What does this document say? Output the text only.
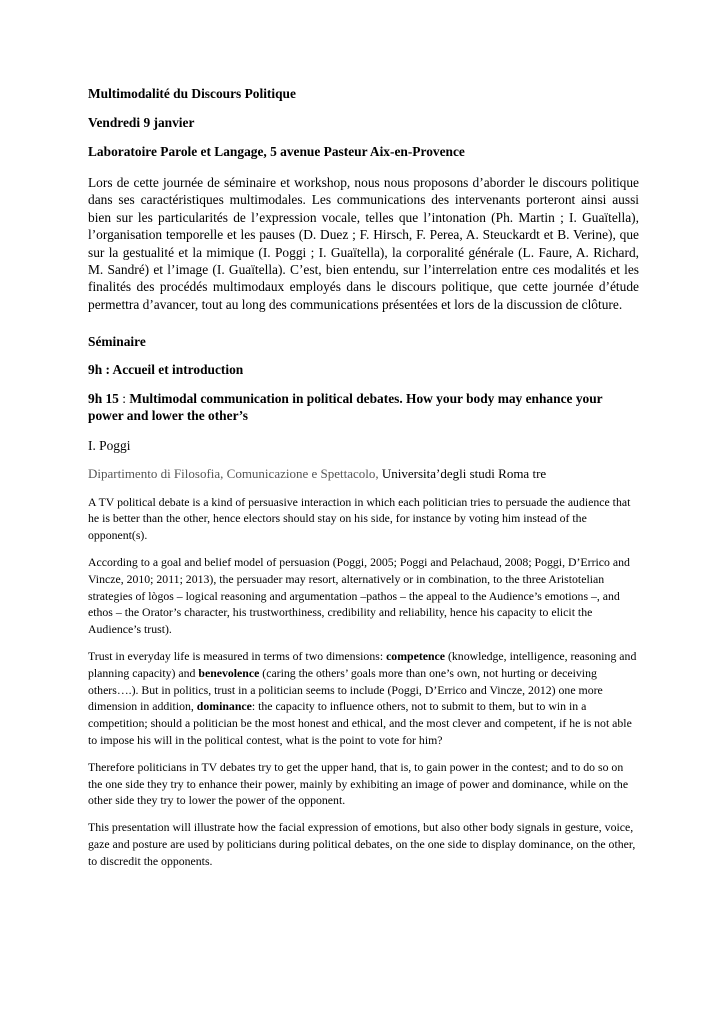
Multimodalité du Discours Politique

Vendredi 9 janvier

Laboratoire Parole et Langage, 5 avenue Pasteur Aix-en-Provence

Lors de cette journée de séminaire et workshop, nous nous proposons d’aborder le discours politique dans ses caractéristiques multimodales. Les communications des intervenants porteront ainsi aussi bien sur les particularités de l’expression vocale, telles que l’intonation (Ph. Martin ; I. Guaïtella), l’organisation temporelle et les pauses (D. Duez ; F. Hirsch, F. Perea, A. Steuckardt et B. Verine), que sur la gestualité et la mimique (I. Poggi ; I. Guaïtella), la corporalité générale (L. Faure, A. Richard, M. Sandré) et l’image (I. Guaïtella). C’est, bien entendu, sur l’interrelation entre ces modalités et les finalités des procédés multimodaux employés dans le discours politique, que cette journée d’étude permettra d’avancer, tout au long des communications présentées et lors de la discussion de clôture.

Séminaire

9h : Accueil et introduction

9h 15 : Multimodal communication in political debates. How your body may enhance your power and lower the other’s

I. Poggi

Dipartimento di Filosofia, Comunicazione e Spettacolo, Universita’degli studi Roma tre

A TV political debate is a kind of persuasive interaction in which each politician tries to persuade the audience that he is better than the other, hence electors should stay on his side, for instance by voting him instead of the opponent(s).

According to a goal and belief model of persuasion (Poggi, 2005; Poggi and Pelachaud, 2008; Poggi, D’Errico and Vincze, 2010; 2011; 2013), the persuader may resort, alternatively or in combination, to the three Aristotelian strategies of lògos – logical reasoning and argumentation –pathos – the appeal to the Audience’s emotions –, and ethos – the Orator’s character, his trustworthiness, credibility and reliability, hence his capacity to elicit the Audience’s trust).

Trust in everyday life is measured in terms of two dimensions: competence (knowledge, intelligence, reasoning and planning capacity) and benevolence (caring the others’ goals more than one’s own, not hurting or deceiving others….). But in politics, trust in a politician seems to include (Poggi, D’Errico and Vincze, 2012) one more dimension in addition, dominance: the capacity to influence others, not to submit to them, but to win in a competition; should a politician be the most honest and ethical, and the most clever and competent, if he is not able to impose his will in the political contest, what is the point to vote for him?

Therefore politicians in TV debates try to get the upper hand, that is, to gain power in the contest; and to do so on the one side they try to enhance their power, mainly by exhibiting an image of power and dominance, while on the other side they try to lower the power of the opponent.

This presentation will illustrate how the facial expression of emotions, but also other body signals in gesture, voice, gaze and posture are used by politicians during political debates, on the one side to display dominance, on the other, to discredit the opponents.
